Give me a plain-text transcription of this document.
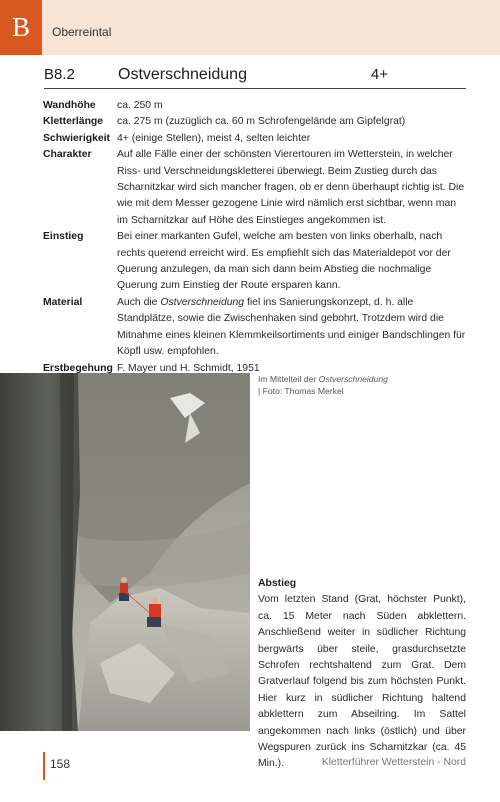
B Oberreintal
B8.2	Ostverschneidung	4+
Wandhöhe	ca. 250 m
Kletterlänge	ca. 275 m (zuzüglich ca. 60 m Schrofengelände am Gipfelgrat)
Schwierigkeit 4+ (einige Stellen), meist 4, selten leichter
Charakter	Auf alle Fälle einer der schönsten Vierertouren im Wetterstein, in welcher Riss- und Verschneidungskletterei überwiegt. Beim Zustieg durch das Scharnitzkar wird sich mancher fragen, ob er denn überhaupt richtig ist. Die wie mit dem Messer gezogene Linie wird nämlich erst sichtbar, wenn man im Scharnitzkar auf Höhe des Einstieges angekommen ist.
Einstieg	Bei einer markanten Gufel, welche am besten von links oberhalb, nach rechts querend erreicht wird. Es empfiehlt sich das Materialdepot vor der Querung anzulegen, da man sich dann beim Abstieg die nochmalige Querung zum Einstieg der Route ersparen kann.
Material	Auch die Ostverschneidung fiel ins Sanierungskonzept, d. h. alle Standplätze, sowie die Zwischenhaken sind gebohrt. Trotzdem wird die Mitnahme eines kleinen Klemmkeilsortiments und einiger Bandschlingen für Köpfl usw. empfohlen.
Erstbegehung F. Mayer und H. Schmidt, 1951
Im Mittelteil der Ostverschneidung
| Foto: Thomas Merkel
Abstieg
Vom letzten Stand (Grat, höchster Punkt), ca. 15 Meter nach Süden abklettern. Anschließend weiter in südlicher Richtung bergwärts über steile, grasdurchsetzte Schrofen rechtshaltend zum Grat. Dem Gratverlauf folgend bis zum höchsten Punkt. Hier kurz in südlicher Richtung haltend abklettern zum Abseilring. Im Sattel angekommen nach links (östlich) und über Wegspuren zurück ins Scharnitzkar (ca. 45 Min.).
158	Kletterführer Wetterstein - Nord
